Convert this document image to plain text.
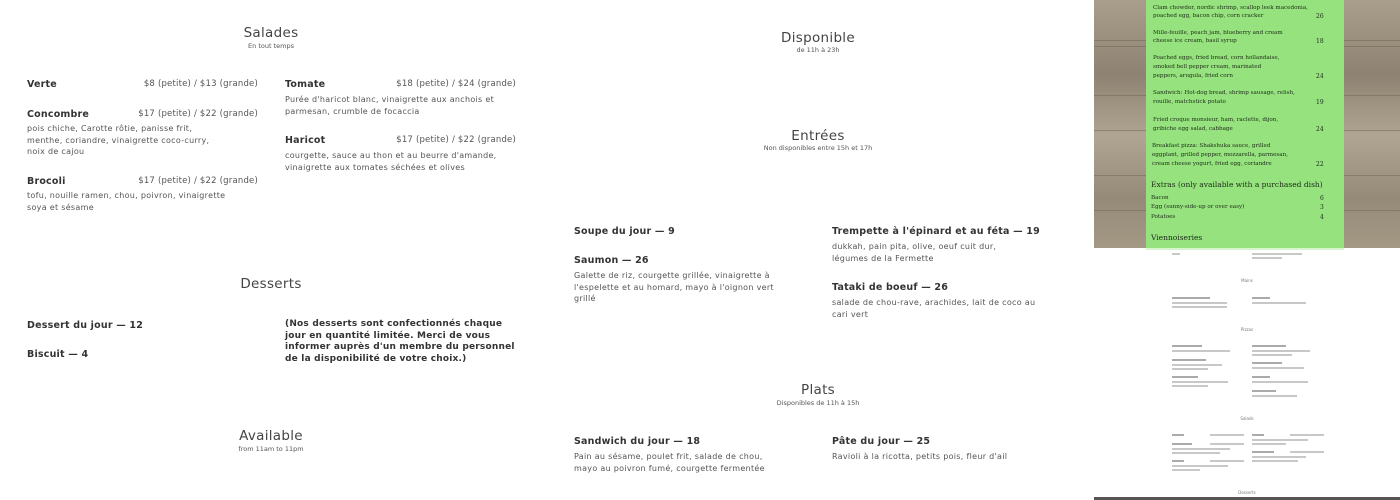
Salades
En tout temps
Verte	$8 (petite) / $13 (grande)
Concombre	$17 (petite) / $22 (grande)
pois chiche, Carotte rôtie, panisse frit, menthe, coriandre, vinaigrette coco-curry, noix de cajou
Brocoli	$17 (petite) / $22 (grande)
tofu, nouille ramen, chou, poivron, vinaigrette soya et sésame
Tomate	$18 (petite) / $24 (grande)
Purée d'haricot blanc, vinaigrette aux anchois et parmesan, crumble de focaccia
Haricot	$17 (petite) / $22 (grande)
courgette, sauce au thon et au beurre d'amande, vinaigrette aux tomates séchées et olives
Desserts
Dessert du jour — 12
Biscuit — 4
(Nos desserts sont confectionnés chaque jour en quantité limitée. Merci de vous informer auprès d'un membre du personnel de la disponibilité de votre choix.)
Available
from 11am to 11pm
Disponible
de 11h à 23h
Entrées
Non disponibles entre 15h et 17h
Soupe du jour — 9
Saumon — 26
Galette de riz, courgette grillée, vinaigrette à l'espelette et au homard, mayo à l'oignon vert grillé
Trempette à l'épinard et au féta — 19
dukkah, pain pita, olive, oeuf cuit dur, légumes de la Fermette
Tataki de boeuf — 26
salade de chou-rave, arachides, lait de coco au cari vert
Plats
Disponibles de 11h à 15h
Sandwich du jour — 18
Pain au sésame, poulet frit, salade de chou, mayo au poivron fumé, courgette fermentée
Pâte du jour — 25
Ravioli à la ricotta, petits pois, fleur d'ail
Clam chowder, nordic shrimp, scallop leek macedonia,
poached egg, bacon chip, corn cracker	26
Mille-feuille, peach jam, blueberry and cream
cheese ice cream, basil syrup	18
Poached eggs, fried bread, corn hollandaise,
smoked bell pepper cream, marinated
peppers, arugula, fried corn	24
Sandwich: Hot-dog bread, shrimp sausage, relish,
rouille, matchstick potato	19
Fried croque monsieur, ham, raclette, dijon,
gribiche egg salad, cabbage	24
Breakfast pizza: Shakshuka sauce, grilled
eggplant, grilled pepper, mozzarella, parmesan,
cream cheese yogurt, fried egg, coriandre	22
Extras (only available with a purchased dish)
Bacon	6
Egg (sunny-side-up or over easy)	3
Potatoes	4
Viennoiseries
Mains
Pizzas
Salads
Desserts
